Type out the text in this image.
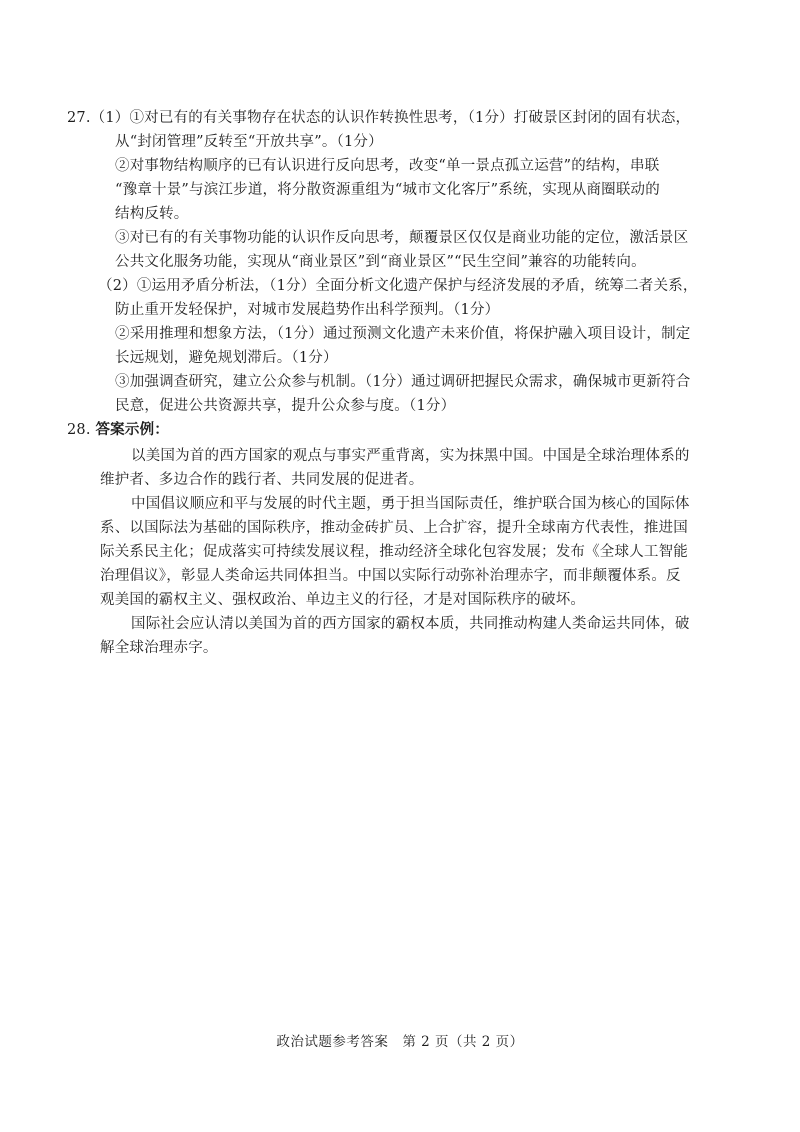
27.（1）①对已有的有关事物存在状态的认识作转换性思考，（1分）打破景区封闭的固有状态，
从“封闭管理”反转至“开放共享”。（1分）
②对事物结构顺序的已有认识进行反向思考，改变“单一景点孤立运营”的结构，串联
“豫章十景”与滨江步道，将分散资源重组为“城市文化客厅”系统，实现从商圈联动的
结构反转。
③对已有的有关事物功能的认识作反向思考，颠覆景区仅仅是商业功能的定位，激活景区
公共文化服务功能，实现从“商业景区”到“商业景区”“民生空间”兼容的功能转向。
（2）①运用矛盾分析法，（1分）全面分析文化遗产保护与经济发展的矛盾，统筹二者关系，
防止重开发轻保护，对城市发展趋势作出科学预判。（1分）
②采用推理和想象方法，（1分）通过预测文化遗产未来价值，将保护融入项目设计，制定
长远规划，避免规划滞后。（1分）
③加强调查研究，建立公众参与机制。（1分）通过调研把握民众需求，确保城市更新符合
民意，促进公共资源共享，提升公众参与度。（1分）
28. 答案示例：
以美国为首的西方国家的观点与事实严重背离，实为抹黑中国。中国是全球治理体系的
维护者、多边合作的践行者、共同发展的促进者。
中国倡议顺应和平与发展的时代主题，勇于担当国际责任，维护联合国为核心的国际体
系、以国际法为基础的国际秩序，推动金砖扩员、上合扩容，提升全球南方代表性，推进国
际关系民主化；促成落实可持续发展议程，推动经济全球化包容发展；发布《全球人工智能
治理倡议》，彰显人类命运共同体担当。中国以实际行动弥补治理赤字，而非颠覆体系。反
观美国的霸权主义、强权政治、单边主义的行径，才是对国际秩序的破坏。
国际社会应认清以美国为首的西方国家的霸权本质，共同推动构建人类命运共同体，破
解全球治理赤字。
政治试题参考答案　第 2 页（共 2 页）
